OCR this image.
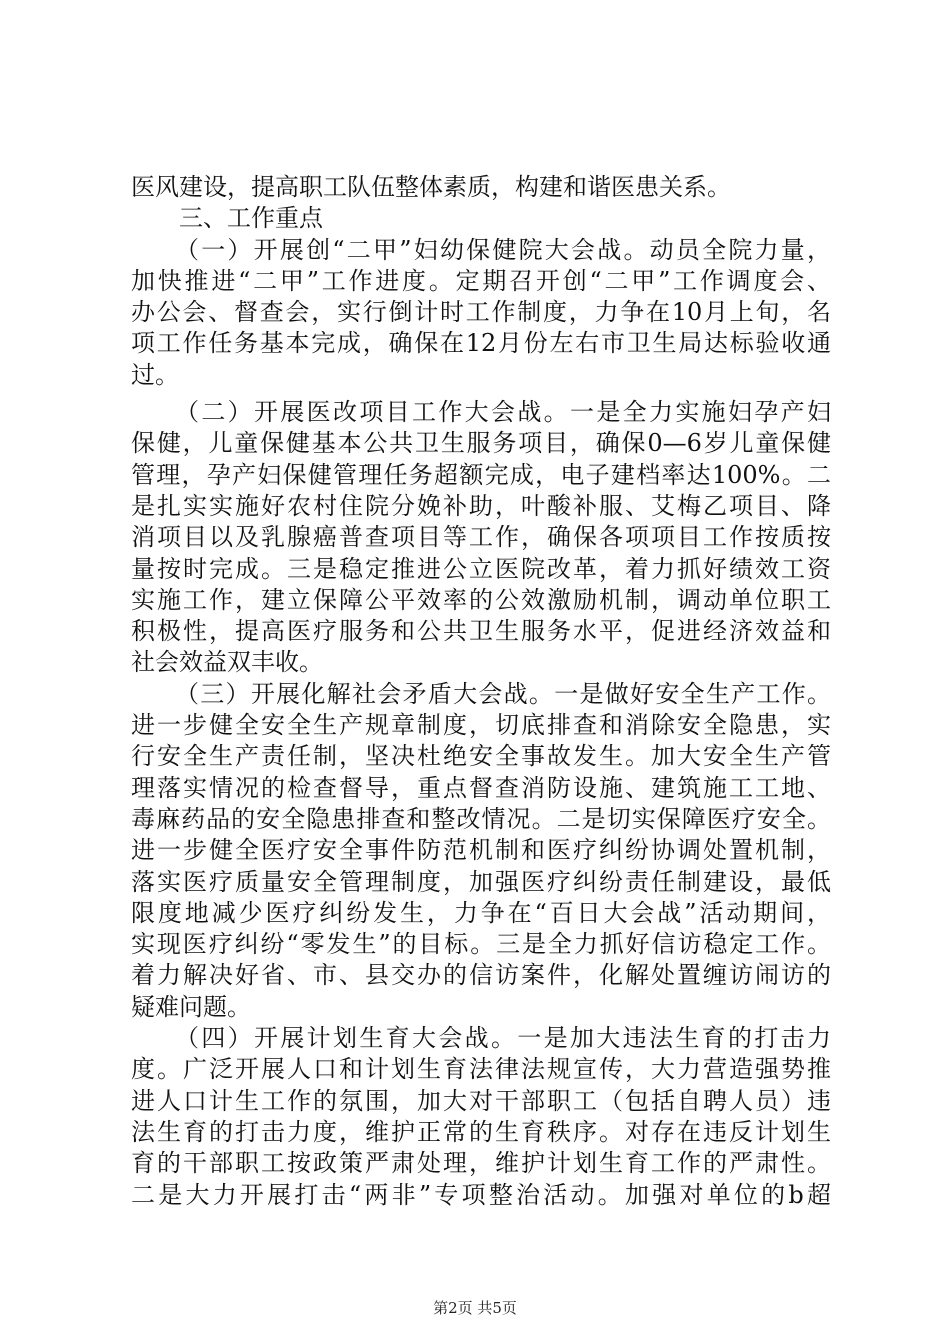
医风建设，提高职工队伍整体素质，构建和谐医患关系。
三、工作重点
（一）开展创“二甲”妇幼保健院大会战。动员全院力量，
加快推进“二甲”工作进度。定期召开创“二甲”工作调度会、
办公会、督查会，实行倒计时工作制度，力争在10月上旬，名
项工作任务基本完成，确保在12月份左右市卫生局达标验收通
过。
（二）开展医改项目工作大会战。一是全力实施妇孕产妇
保健，儿童保健基本公共卫生服务项目，确保0—6岁儿童保健
管理，孕产妇保健管理任务超额完成，电子建档率达100%。二
是扎实实施好农村住院分娩补助，叶酸补服、艾梅乙项目、降
消项目以及乳腺癌普查项目等工作，确保各项项目工作按质按
量按时完成。三是稳定推进公立医院改革，着力抓好绩效工资
实施工作，建立保障公平效率的公效激励机制，调动单位职工
积极性，提高医疗服务和公共卫生服务水平，促进经济效益和
社会效益双丰收。
（三）开展化解社会矛盾大会战。一是做好安全生产工作。
进一步健全安全生产规章制度，切底排查和消除安全隐患，实
行安全生产责任制，坚决杜绝安全事故发生。加大安全生产管
理落实情况的检查督导，重点督查消防设施、建筑施工工地、
毒麻药品的安全隐患排查和整改情况。二是切实保障医疗安全。
进一步健全医疗安全事件防范机制和医疗纠纷协调处置机制，
落实医疗质量安全管理制度，加强医疗纠纷责任制建设，最低
限度地减少医疗纠纷发生，力争在“百日大会战”活动期间，
实现医疗纠纷“零发生”的目标。三是全力抓好信访稳定工作。
着力解决好省、市、县交办的信访案件，化解处置缠访闹访的
疑难问题。
（四）开展计划生育大会战。一是加大违法生育的打击力
度。广泛开展人口和计划生育法律法规宣传，大力营造强势推
进人口计生工作的氛围，加大对干部职工（包括自聘人员）违
法生育的打击力度，维护正常的生育秩序。对存在违反计划生
育的干部职工按政策严肃处理，维护计划生育工作的严肃性。
二是大力开展打击“两非”专项整治活动。加强对单位的b超
第2页 共5页
